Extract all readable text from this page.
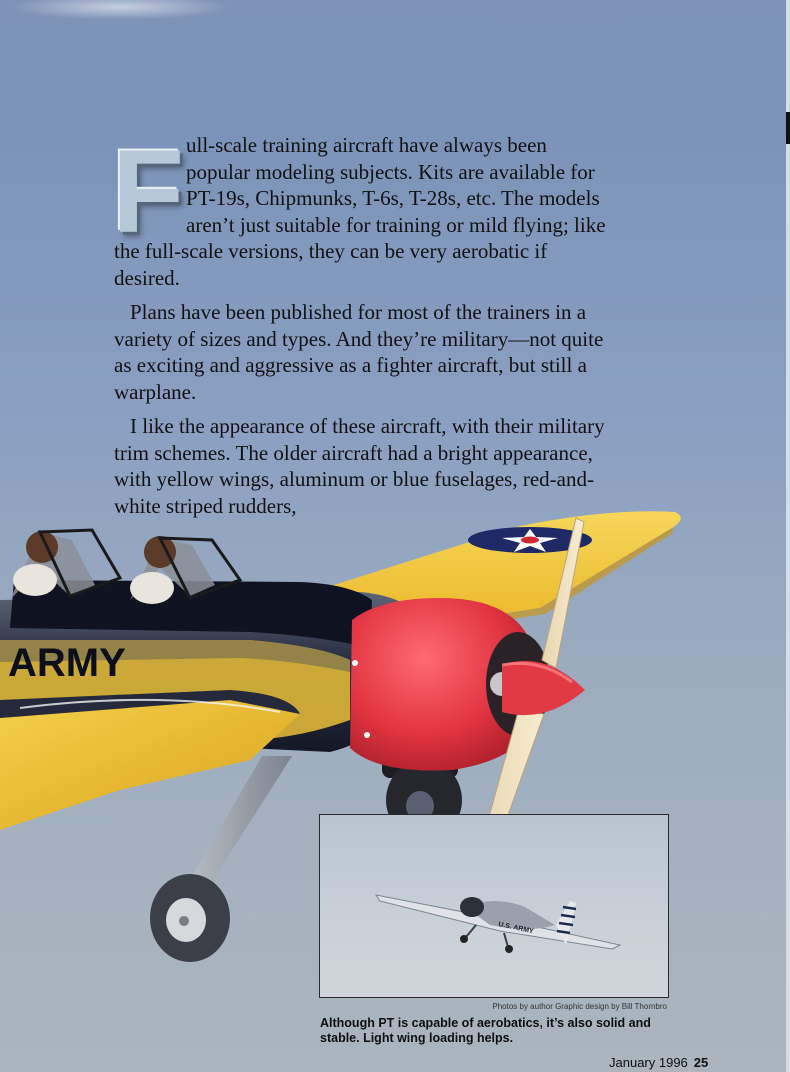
ARMY
F ull-scale training aircraft have always been popular modeling subjects. Kits are available for PT-19s, Chipmunks, T-6s, T-28s, etc. The models aren’t just suitable for training or mild flying; like the full-scale versions, they can be very aerobatic if desired.

Plans have been published for most of the trainers in a variety of sizes and types. And they’re military—not quite as exciting and aggressive as a fighter aircraft, but still a warplane.

I like the appearance of these aircraft, with their military trim schemes. The older aircraft had a bright appearance, with yellow wings, aluminum or blue fuselages, red-and-white striped rudders,

U.S. ARMY
Photos by author Graphic design by Bill Thornbro
Although PT is capable of aerobatics, it’s also solid and stable. Light wing loading helps.
January 1996 25
